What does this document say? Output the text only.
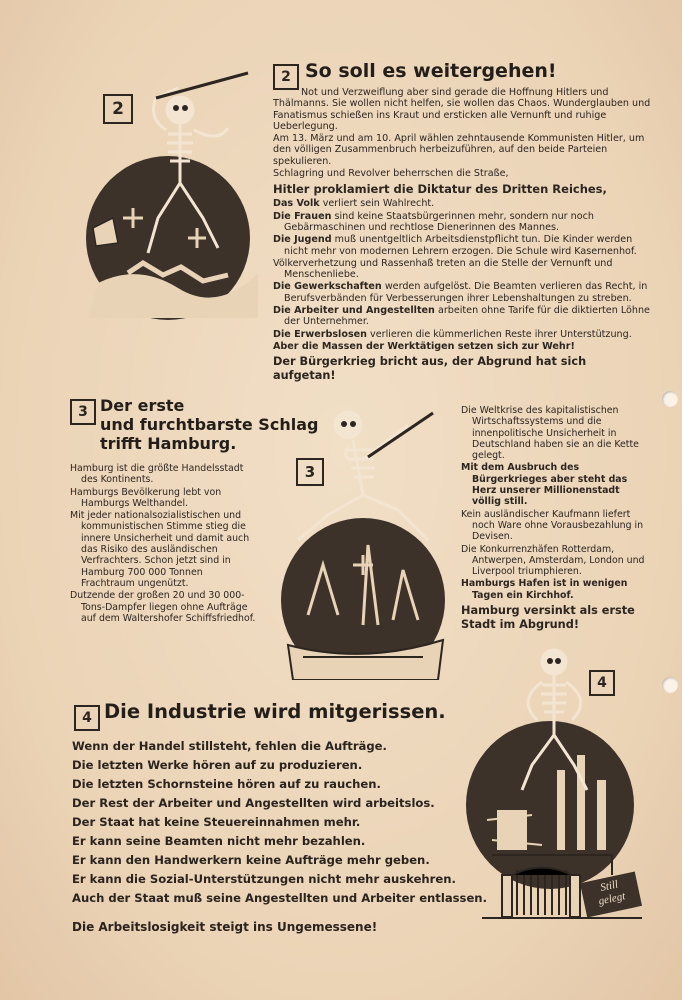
2
2 So soll es weitergehen!

Not und Verzweiflung aber sind gerade die Hoffnung Hitlers und Thälmanns. Sie wollen nicht helfen, sie wollen das Chaos. Wunderglauben und Fanatismus schießen ins Kraut und ersticken alle Vernunft und ruhige Ueberlegung.

Am 13. März und am 10. April wählen zehntausende Kommunisten Hitler, um den völligen Zusammenbruch herbeizuführen, auf den beide Parteien spekulieren.

Schlagring und Revolver beherrschen die Straße,

Hitler proklamiert die Diktatur des Dritten Reiches,

Das Volk verliert sein Wahlrecht.

Die Frauen sind keine Staatsbürgerinnen mehr, sondern nur noch Gebärmaschinen und rechtlose Dienerinnen des Mannes.

Die Jugend muß unentgeltlich Arbeitsdienstpflicht tun. Die Kinder werden nicht mehr von modernen Lehrern erzogen. Die Schule wird Kasernenhof.

Völkerverhetzung und Rassenhaß treten an die Stelle der Vernunft und Menschenliebe.

Die Gewerkschaften werden aufgelöst. Die Beamten verlieren das Recht, in Berufsverbänden für Verbesserungen ihrer Lebenshaltungen zu streben.

Die Arbeiter und Angestellten arbeiten ohne Tarife für die diktierten Löhne der Unternehmer.

Die Erwerbslosen verlieren die kümmerlichen Reste ihrer Unterstützung.

Aber die Massen der Werktätigen setzen sich zur Wehr!

Der Bürgerkrieg bricht aus, der Abgrund hat sich aufgetan!

3 Der erste
und furchtbarste Schlag
trifft Hamburg.

Hamburg ist die größte Handelsstadt des Kontinents.

Hamburgs Bevölkerung lebt von Hamburgs Welthandel.

Mit jeder nationalsozialistischen und kommunistischen Stimme stieg die innere Unsicherheit und damit auch das Risiko des ausländischen Verfrachters. Schon jetzt sind in Hamburg 700 000 Tonnen Frachtraum ungenützt.

Dutzende der großen 20 und 30 000-Tons-Dampfer liegen ohne Aufträge auf dem Waltershofer Schiffsfriedhof.

3

Die Weltkrise des kapitalistischen Wirtschaftssystems und die innenpolitische Unsicherheit in Deutschland haben sie an die Kette gelegt.

Mit dem Ausbruch des Bürgerkrieges aber steht das Herz unserer Millionenstadt völlig still.

Kein ausländischer Kaufmann liefert noch Ware ohne Vorausbezahlung in Devisen.

Die Konkurrenzhäfen Rotterdam, Antwerpen, Amsterdam, London und Liverpool triumphieren.

Hamburgs Hafen ist in wenigen Tagen ein Kirchhof.

Hamburg versinkt als erste Stadt im Abgrund!

4 Die Industrie wird mitgerissen.

Wenn der Handel stillsteht, fehlen die Aufträge.

Die letzten Werke hören auf zu produzieren.

Die letzten Schornsteine hören auf zu rauchen.

Der Rest der Arbeiter und Angestellten wird arbeitslos.

Der Staat hat keine Steuereinnahmen mehr.

Er kann seine Beamten nicht mehr bezahlen.

Er kann den Handwerkern keine Aufträge mehr geben.

Er kann die Sozial-Unterstützungen nicht mehr auskehren.

Auch der Staat muß seine Angestellten und Arbeiter entlassen.

Die Arbeitslosigkeit steigt ins Ungemessene!

4
Still
gelegt
